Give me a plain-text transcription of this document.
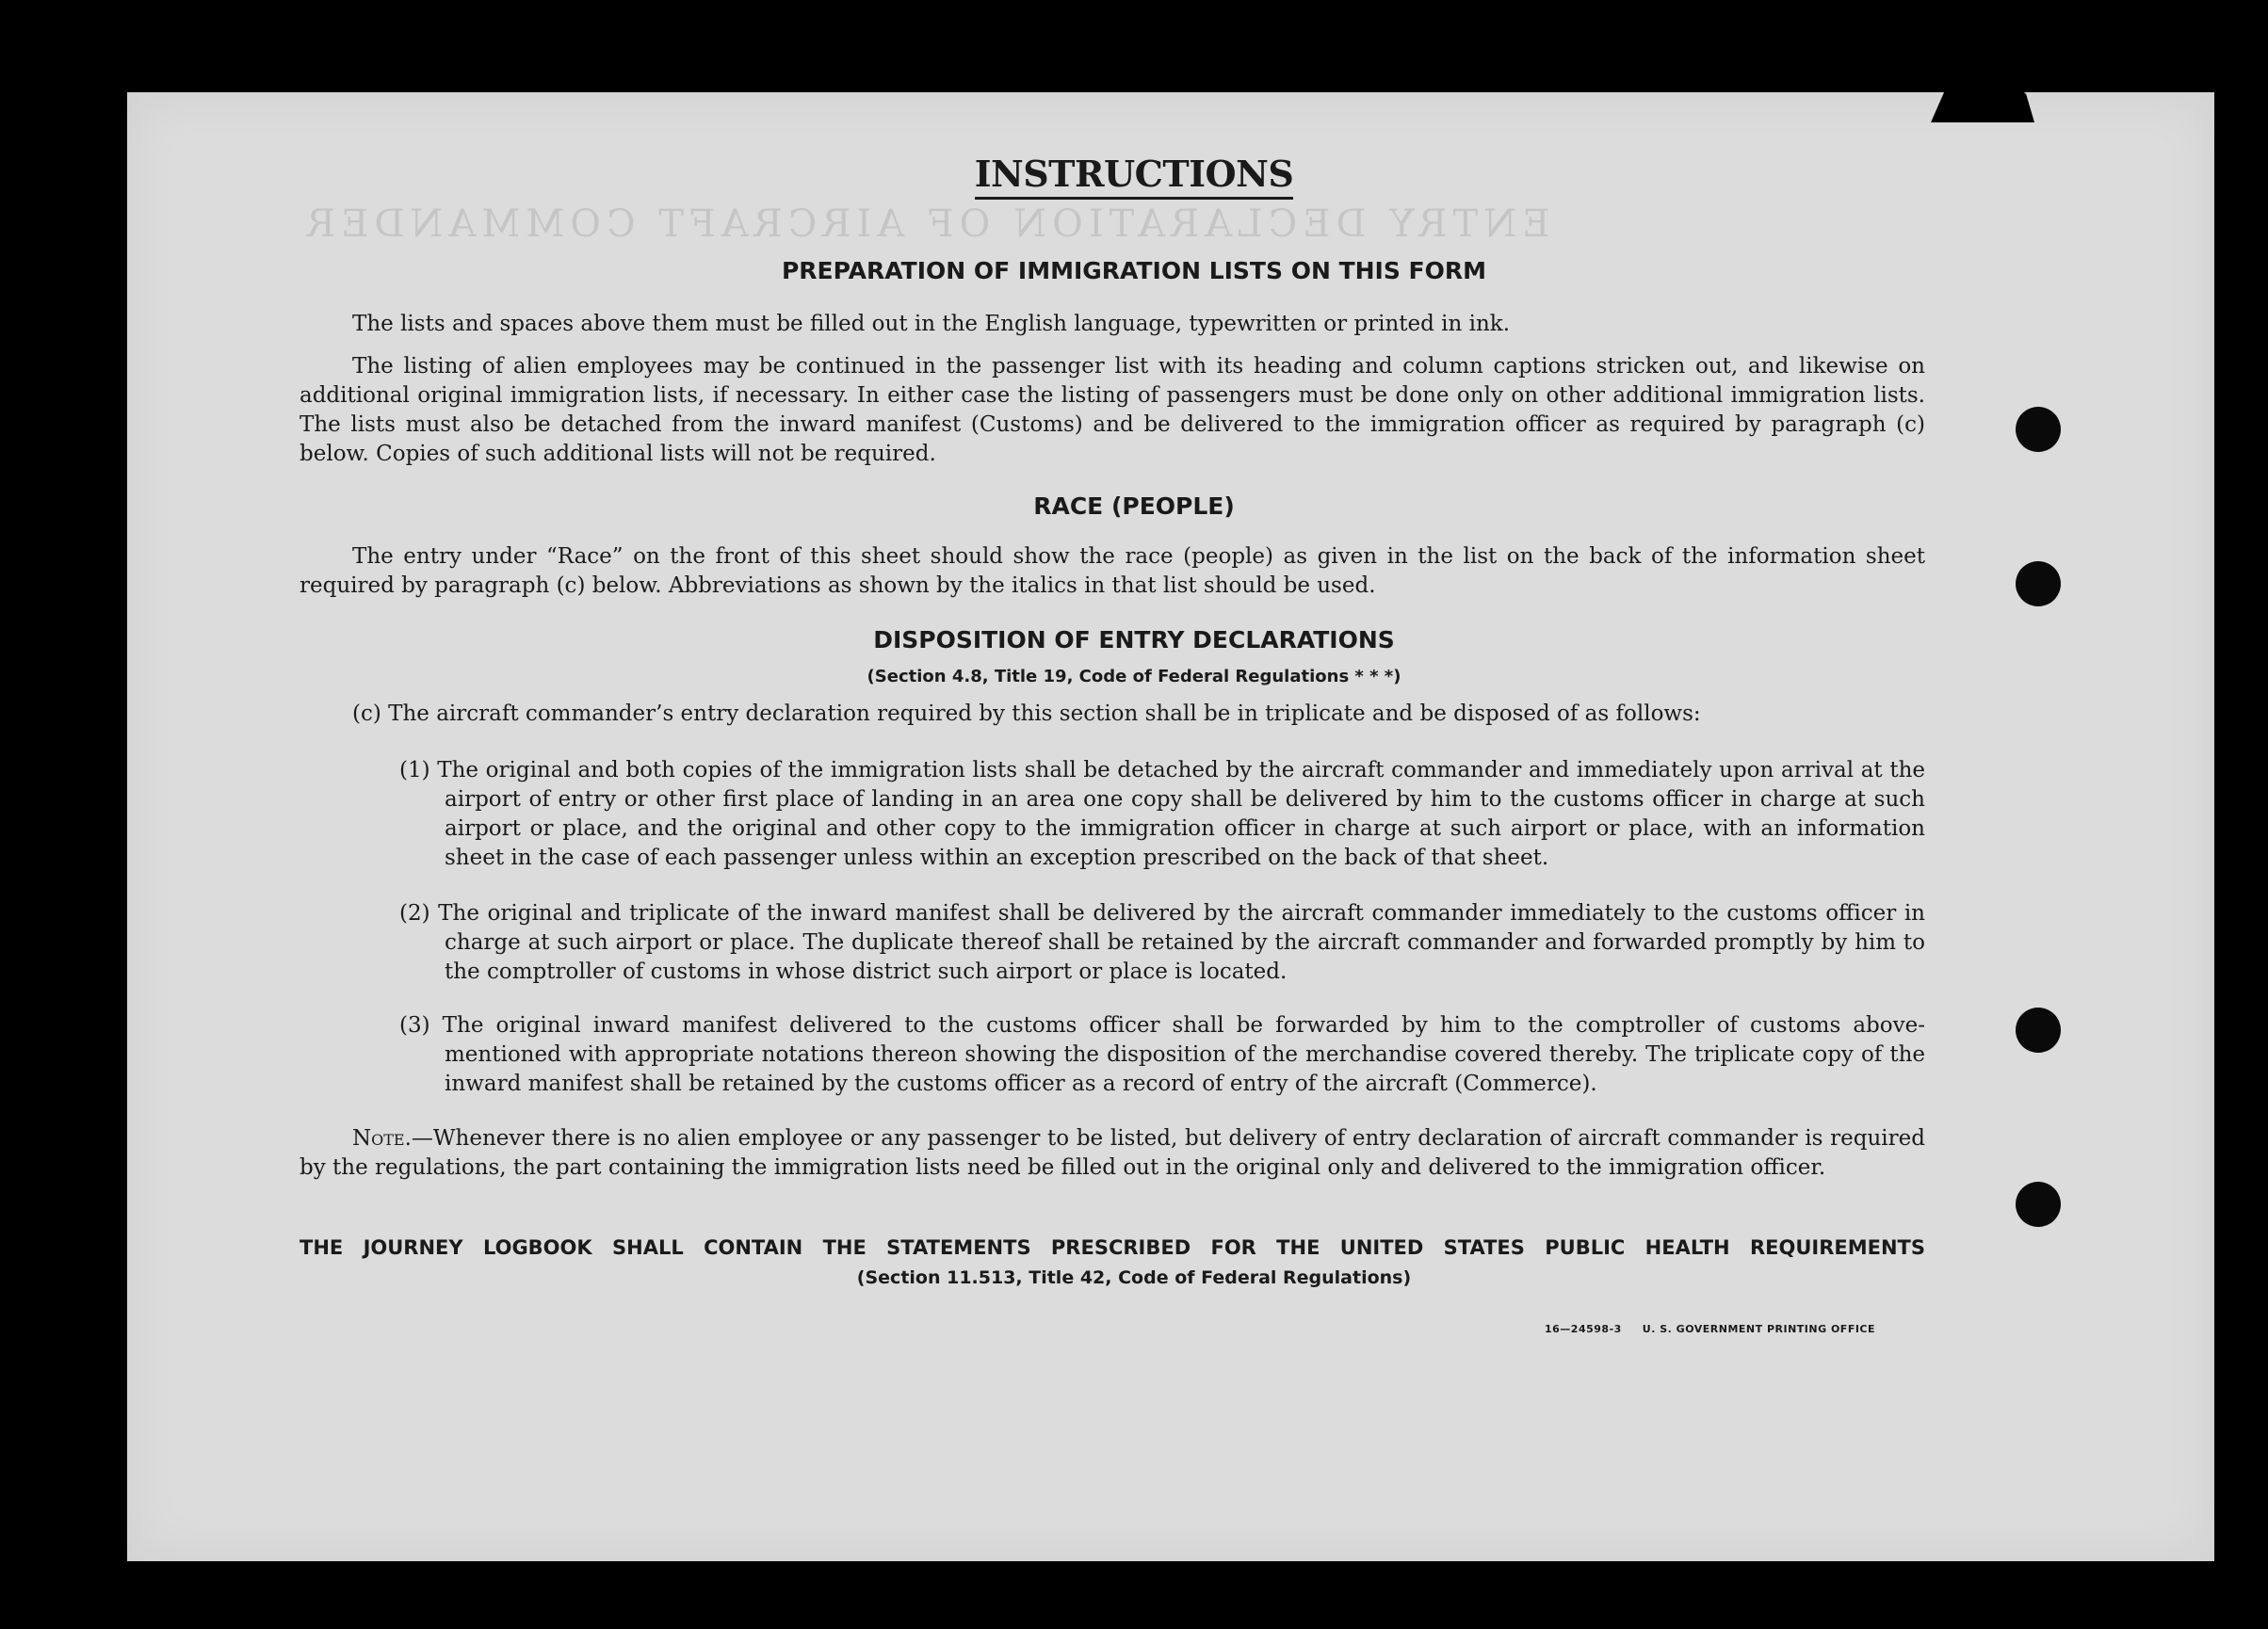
ENTRY DECLARATION OF AIRCRAFT COMMANDER
INSTRUCTIONS
PREPARATION OF IMMIGRATION LISTS ON THIS FORM
The lists and spaces above them must be filled out in the English language, typewritten or printed in ink.
The listing of alien employees may be continued in the passenger list with its heading and column captions stricken out, and likewise on additional original immigration lists, if necessary. In either case the listing of passengers must be done only on other additional immigration lists. The lists must also be detached from the inward manifest (Customs) and be delivered to the immigration officer as required by paragraph (c) below. Copies of such additional lists will not be required.
RACE (PEOPLE)
The entry under “Race” on the front of this sheet should show the race (people) as given in the list on the back of the information sheet required by paragraph (c) below. Abbreviations as shown by the italics in that list should be used.
DISPOSITION OF ENTRY DECLARATIONS
(Section 4.8, Title 19, Code of Federal Regulations * * *)
(c) The aircraft commander’s entry declaration required by this section shall be in triplicate and be disposed of as follows:
(1) The original and both copies of the immigration lists shall be detached by the aircraft commander and immediately upon arrival at the airport of entry or other first place of landing in an area one copy shall be delivered by him to the customs officer in charge at such airport or place, and the original and other copy to the immigration officer in charge at such airport or place, with an information sheet in the case of each passenger unless within an exception prescribed on the back of that sheet.
(2) The original and triplicate of the inward manifest shall be delivered by the aircraft commander immediately to the customs officer in charge at such airport or place. The duplicate thereof shall be retained by the aircraft commander and forwarded promptly by him to the comptroller of customs in whose district such airport or place is located.
(3) The original inward manifest delivered to the customs officer shall be forwarded by him to the comptroller of customs above-mentioned with appropriate notations thereon showing the disposition of the merchandise covered thereby. The triplicate copy of the inward manifest shall be retained by the customs officer as a record of entry of the aircraft (Commerce).
Note.—Whenever there is no alien employee or any passenger to be listed, but delivery of entry declaration of aircraft commander is required by the regulations, the part containing the immigration lists need be filled out in the original only and delivered to the immigration officer.
THE JOURNEY LOGBOOK SHALL CONTAIN THE STATEMENTS PRESCRIBED FOR THE UNITED STATES PUBLIC HEALTH REQUIREMENTS
(Section 11.513, Title 42, Code of Federal Regulations)
16—24598-3 U. S. GOVERNMENT PRINTING OFFICE
